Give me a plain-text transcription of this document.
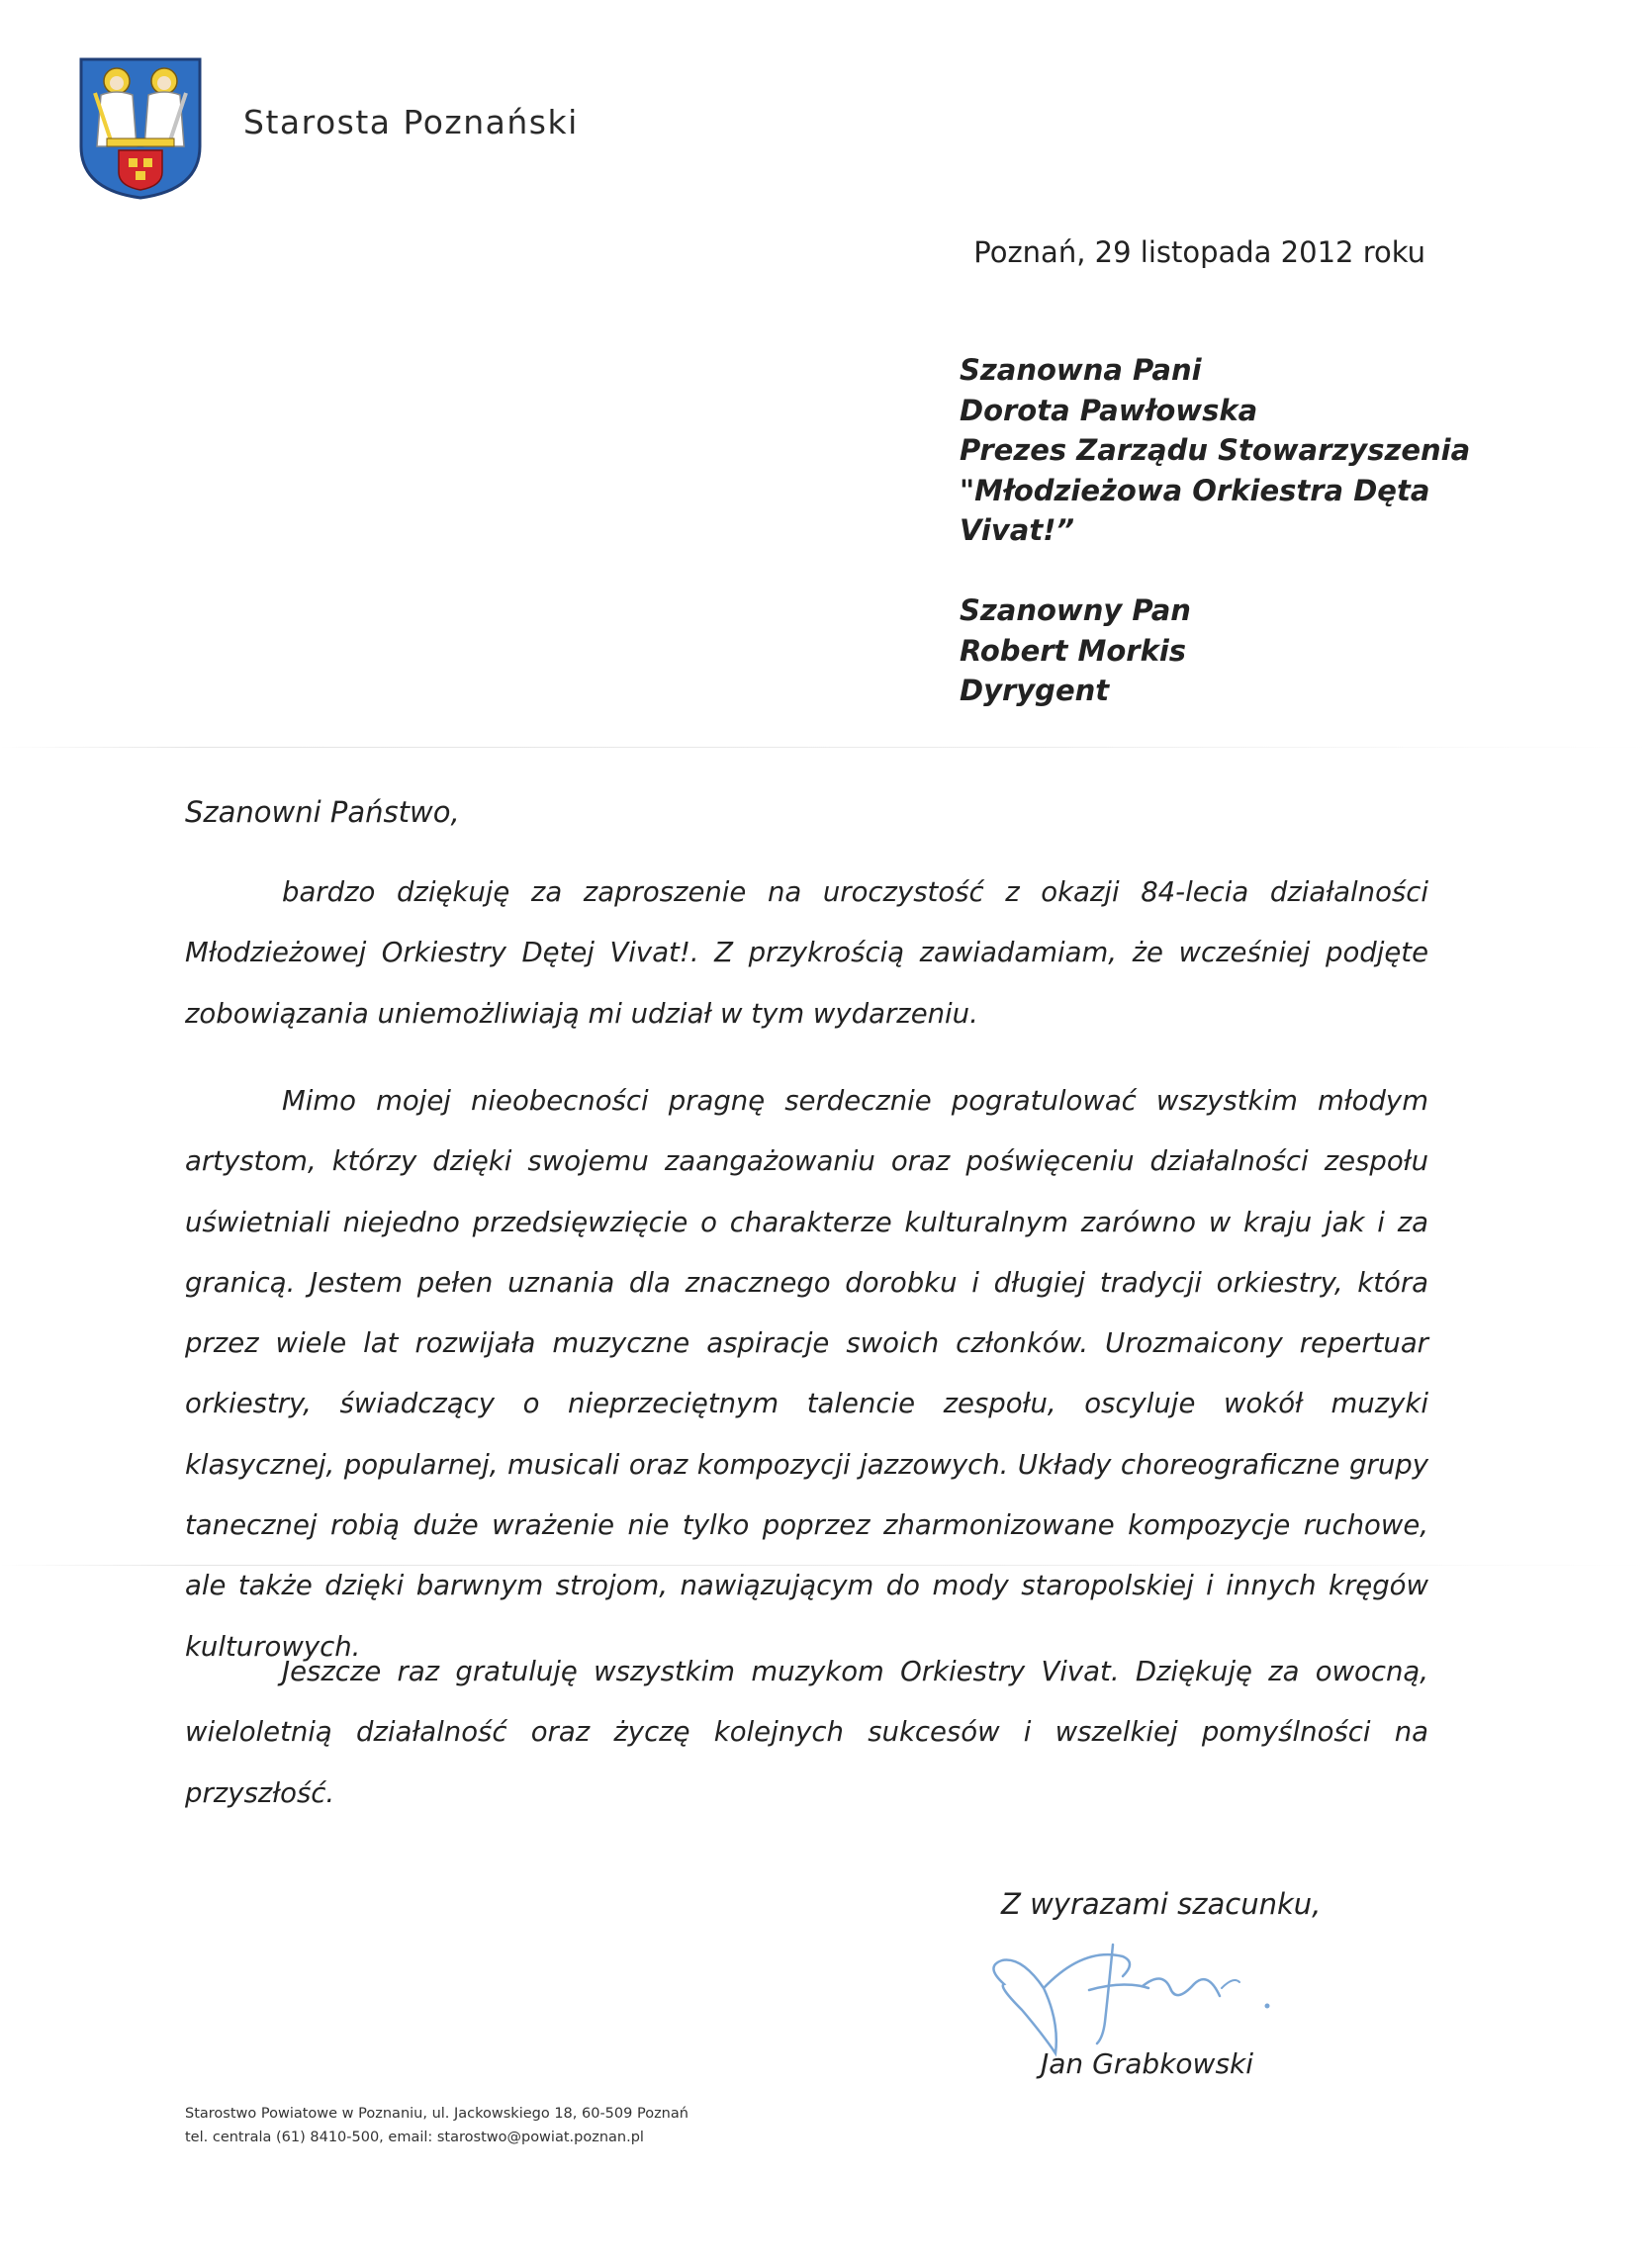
Starosta Poznański
Poznań, 29 listopada 2012 roku
Szanowna Pani
Dorota Pawłowska
Prezes Zarządu Stowarzyszenia
"Młodzieżowa Orkiestra Dęta
Vivat!”
Szanowny Pan
Robert Morkis
Dyrygent
Szanowni Państwo,

bardzo dziękuję za zaproszenie na uroczystość z okazji 84-lecia działalności Młodzieżowej Orkiestry Dętej Vivat!. Z przykrością zawiadamiam, że wcześniej podjęte zobowiązania uniemożliwiają mi udział w tym wydarzeniu.

Mimo mojej nieobecności pragnę serdecznie pogratulować wszystkim młodym artystom, którzy dzięki swojemu zaangażowaniu oraz poświęceniu działalności zespołu uświetniali niejedno przedsięwzięcie o charakterze kulturalnym zarówno w kraju jak i za granicą. Jestem pełen uznania dla znacznego dorobku i długiej tradycji orkiestry, która przez wiele lat rozwijała muzyczne aspiracje swoich członków. Urozmaicony repertuar orkiestry, świadczący o nieprzeciętnym talencie zespołu, oscyluje wokół muzyki klasycznej, popularnej, musicali oraz kompozycji jazzowych. Układy choreograficzne grupy tanecznej robią duże wrażenie nie tylko poprzez zharmonizowane kompozycje ruchowe, ale także dzięki barwnym strojom, nawiązującym do mody staropolskiej i innych kręgów kulturowych.

Jeszcze raz gratuluję wszystkim muzykom Orkiestry Vivat. Dziękuję za owocną, wieloletnią działalność oraz życzę kolejnych sukcesów i wszelkiej pomyślności na przyszłość.

Z wyrazami szacunku,
Jan Grabkowski
Starostwo Powiatowe w Poznaniu, ul. Jackowskiego 18, 60-509 Poznań
tel. centrala (61) 8410-500, email: starostwo@powiat.poznan.pl
